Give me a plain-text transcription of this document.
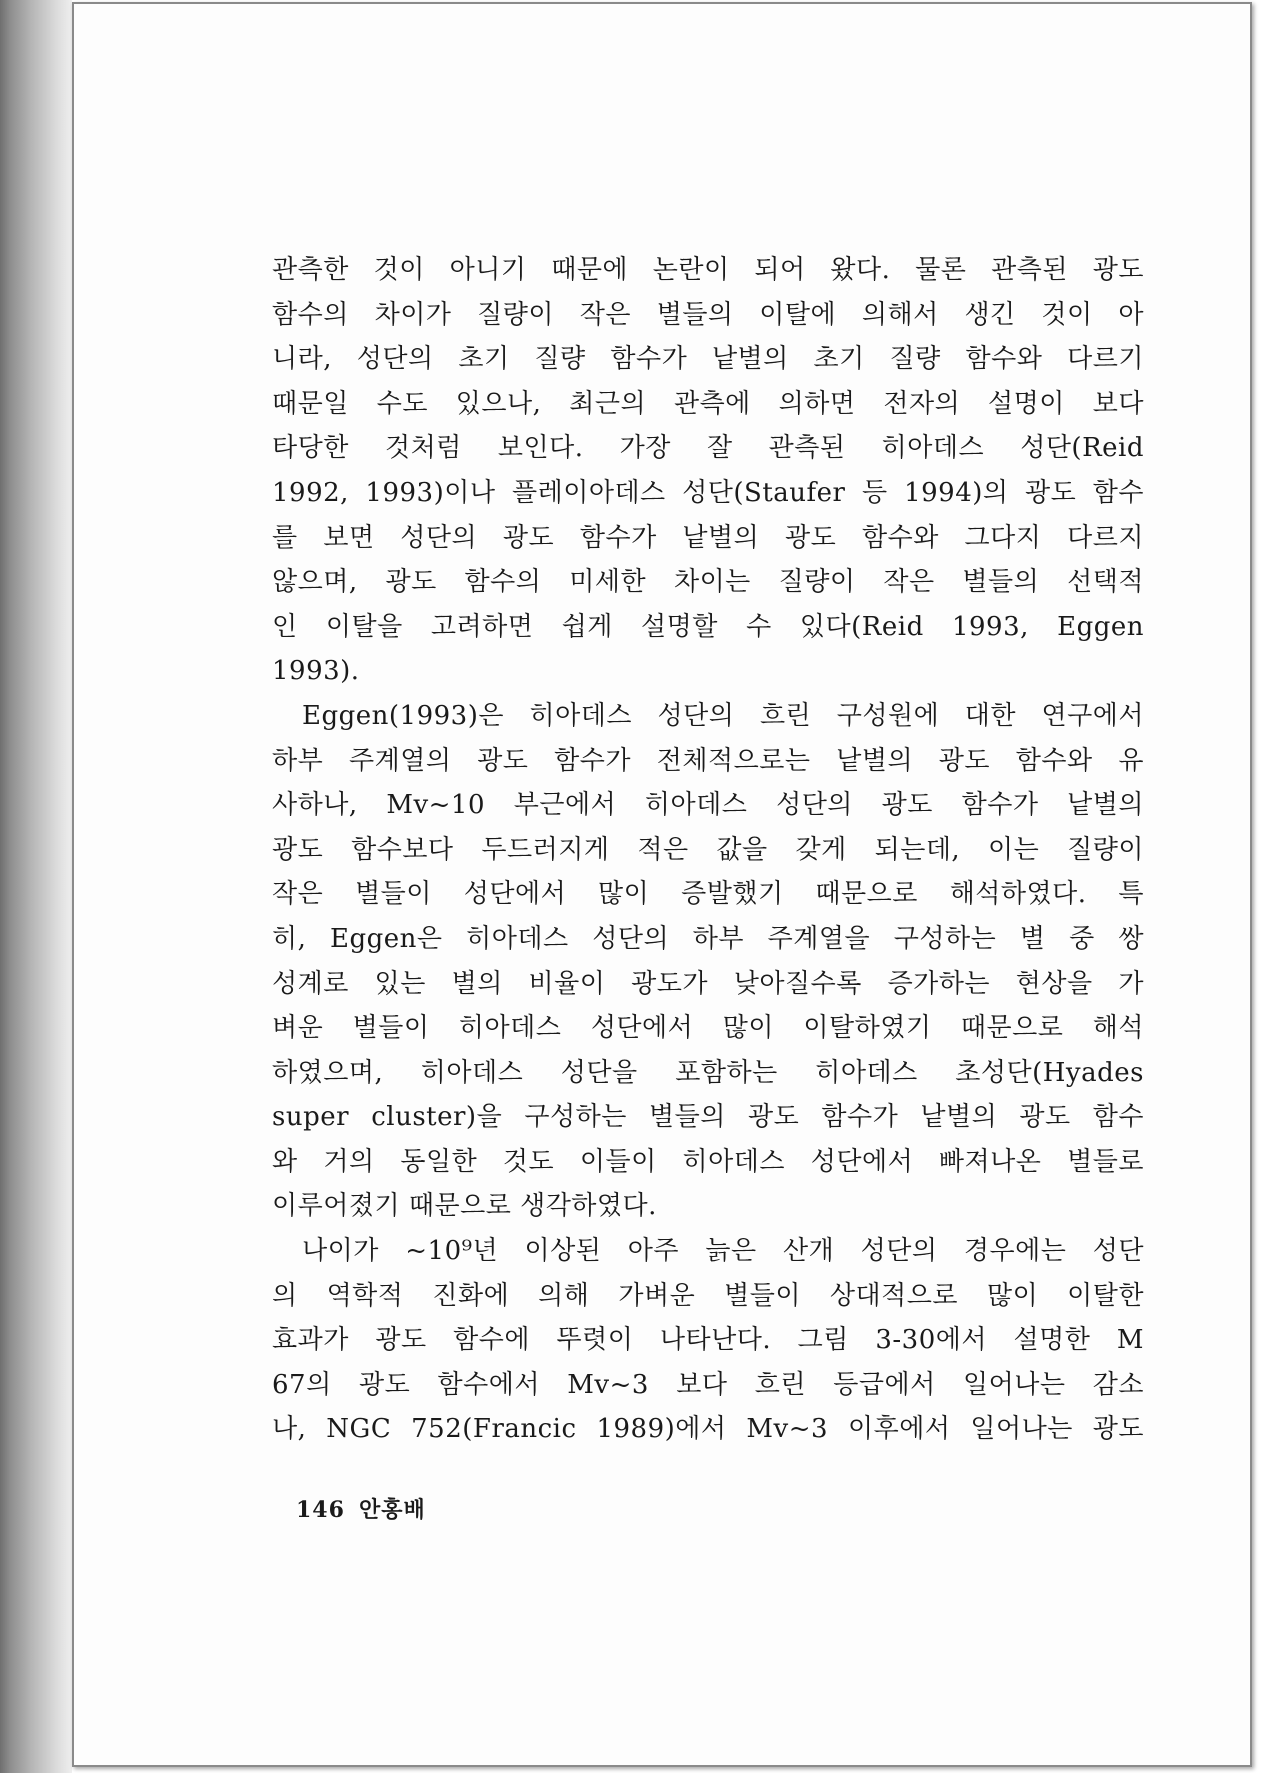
관측한 것이 아니기 때문에 논란이 되어 왔다. 물론 관측된 광도
함수의 차이가 질량이 작은 별들의 이탈에 의해서 생긴 것이 아
니라, 성단의 초기 질량 함수가 낱별의 초기 질량 함수와 다르기
때문일 수도 있으나, 최근의 관측에 의하면 전자의 설명이 보다
타당한 것처럼 보인다. 가장 잘 관측된 히아데스 성단(Reid
1992, 1993)이나 플레이아데스 성단(Staufer 등 1994)의 광도 함수
를 보면 성단의 광도 함수가 낱별의 광도 함수와 그다지 다르지
않으며, 광도 함수의 미세한 차이는 질량이 작은 별들의 선택적
인 이탈을 고려하면 쉽게 설명할 수 있다(Reid 1993, Eggen
1993).
Eggen(1993)은 히아데스 성단의 흐린 구성원에 대한 연구에서
하부 주계열의 광도 함수가 전체적으로는 낱별의 광도 함수와 유
사하나, Mv~10 부근에서 히아데스 성단의 광도 함수가 낱별의
광도 함수보다 두드러지게 적은 값을 갖게 되는데, 이는 질량이
작은 별들이 성단에서 많이 증발했기 때문으로 해석하였다. 특
히, Eggen은 히아데스 성단의 하부 주계열을 구성하는 별 중 쌍
성계로 있는 별의 비율이 광도가 낮아질수록 증가하는 현상을 가
벼운 별들이 히아데스 성단에서 많이 이탈하였기 때문으로 해석
하였으며, 히아데스 성단을 포함하는 히아데스 초성단(Hyades
super cluster)을 구성하는 별들의 광도 함수가 낱별의 광도 함수
와 거의 동일한 것도 이들이 히아데스 성단에서 빠져나온 별들로
이루어졌기 때문으로 생각하였다.
나이가 ~10⁹년 이상된 아주 늙은 산개 성단의 경우에는 성단
의 역학적 진화에 의해 가벼운 별들이 상대적으로 많이 이탈한
효과가 광도 함수에 뚜렷이 나타난다. 그림 3-30에서 설명한 M
67의 광도 함수에서 Mv~3 보다 흐린 등급에서 일어나는 감소
나, NGC 752(Francic 1989)에서 Mv~3 이후에서 일어나는 광도
146 안홍배
